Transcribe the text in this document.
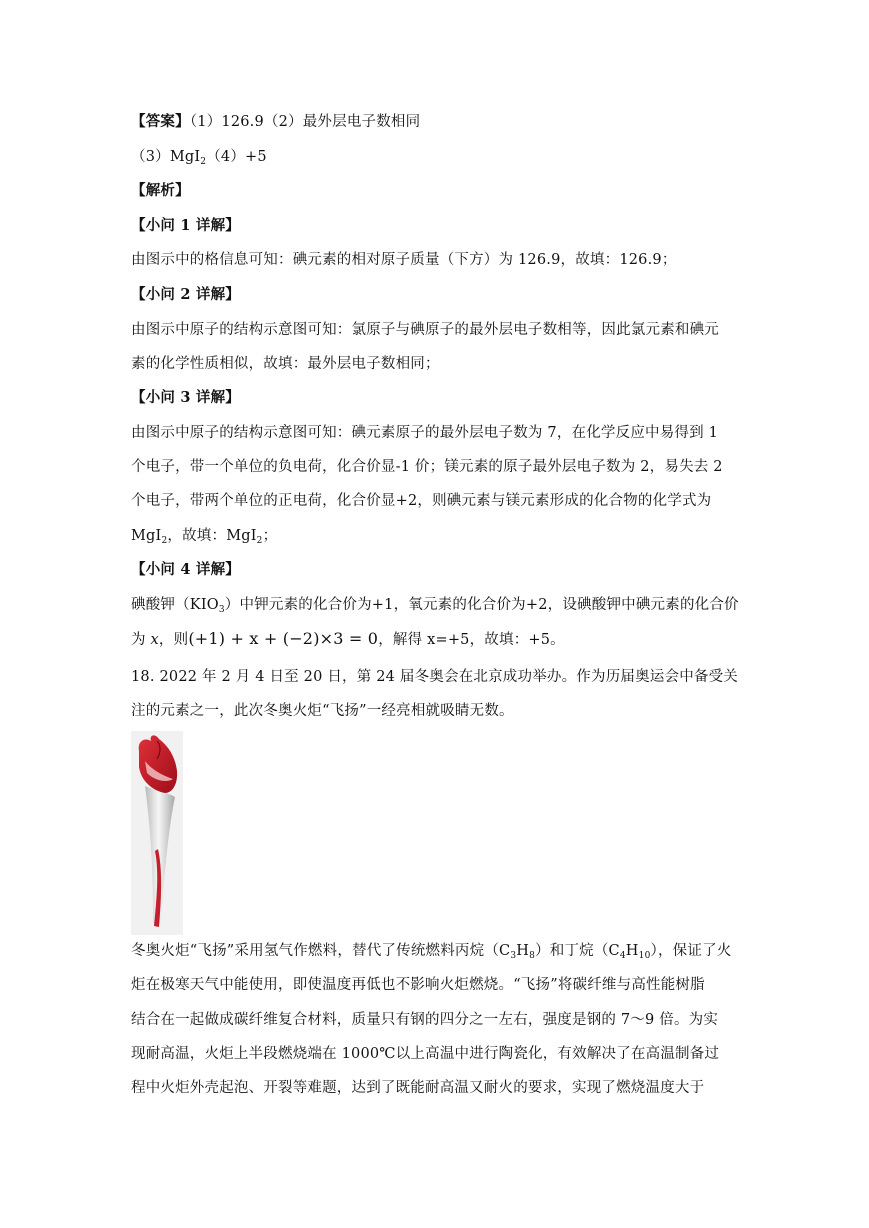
【答案】（1）126.9（2）最外层电子数相同
（3）MgI$_2$（4）+5
【解析】
【小问 1 详解】
由图示中的格信息可知：碘元素的相对原子质量（下方）为 126.9，故填：126.9；
【小问 2 详解】
由图示中原子的结构示意图可知：氯原子与碘原子的最外层电子数相等，因此氯元素和碘元
素的化学性质相似，故填：最外层电子数相同；
【小问 3 详解】
由图示中原子的结构示意图可知：碘元素原子的最外层电子数为 7，在化学反应中易得到 1
个电子，带一个单位的负电荷，化合价显-1 价；镁元素的原子最外层电子数为 2，易失去 2
个电子，带两个单位的正电荷，化合价显+2，则碘元素与镁元素形成的化合物的化学式为
MgI$_2$，故填：MgI$_2$；
【小问 4 详解】
碘酸钾$(KIO_3)$中钾元素的化合价为+1，氧元素的化合价为+2，设碘酸钾中碘元素的化合价
为 x，则(+1) + x + (−2)×3 = 0，解得 x=+5，故填：+5。
18. 2022 年 2 月 4 日至 20 日，第 24 届冬奥会在北京成功举办。作为历届奥运会中备受关
注的元素之一，此次冬奥火炬“飞扬”一经亮相就吸睛无数。
冬奥火炬“飞扬”采用氢气作燃料，替代了传统燃料丙烷$(C_3H_8)$和丁烷$(C_4H_{10})$，保证了火
炬在极寒天气中能使用，即使温度再低也不影响火炬燃烧。“飞扬”将碳纤维与高性能树脂
结合在一起做成碳纤维复合材料，质量只有钢的四分之一左右，强度是钢的 7～9 倍。为实
现耐高温，火炬上半段燃烧端在 1000℃以上高温中进行陶瓷化，有效解决了在高温制备过
程中火炬外壳起泡、开裂等难题，达到了既能耐高温又耐火的要求，实现了燃烧温度大于
